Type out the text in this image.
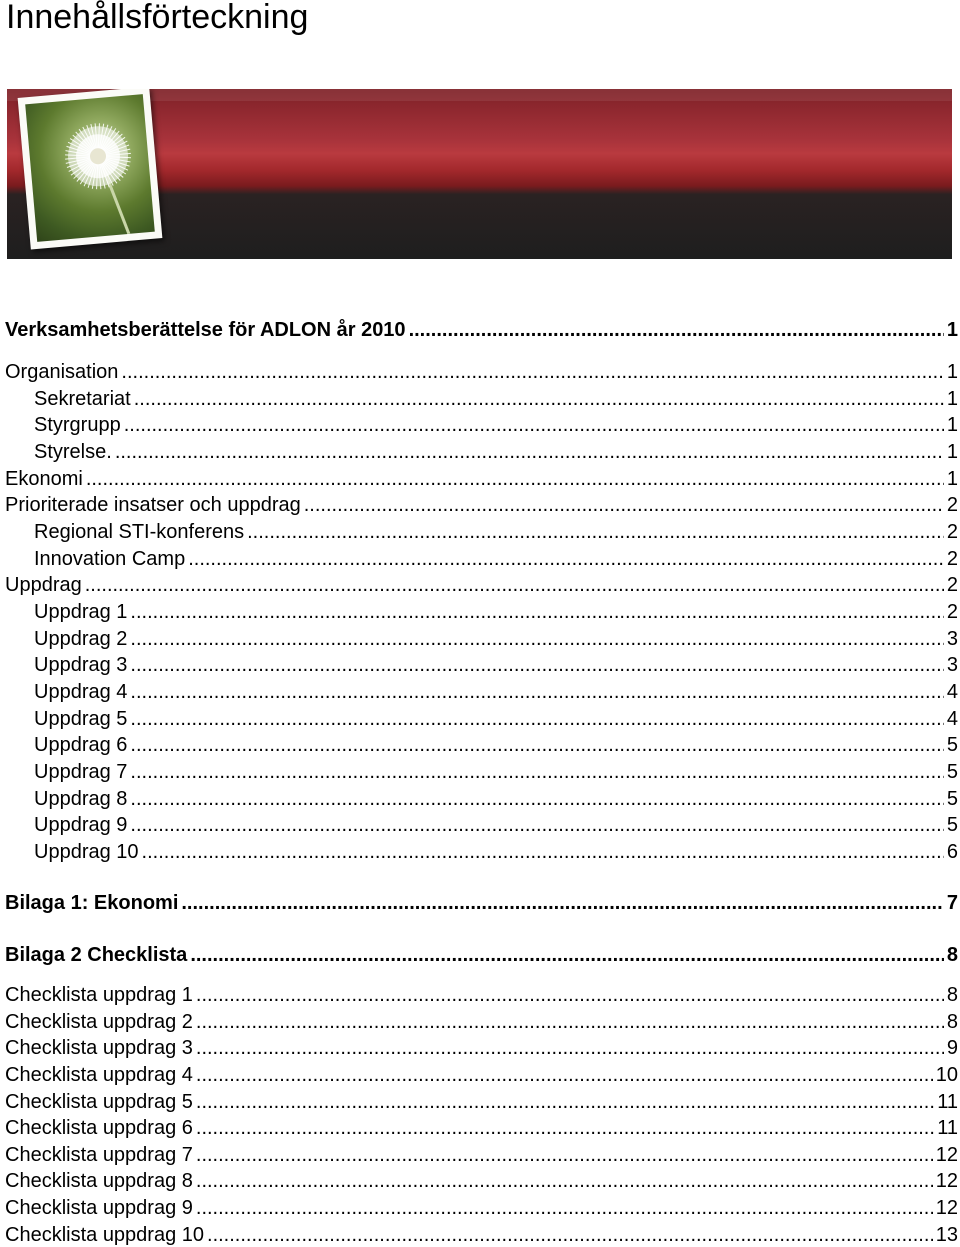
Innehållsförteckning
Verksamhetsberättelse för ADLON år 2010 .....	1
Organisation .....	1
Sekretariat .....	1
Styrgrupp .....	1
Styrelse. .....	1
Ekonomi .....	1
Prioriterade insatser och uppdrag .....	2
Regional STI-konferens .....	2
Innovation Camp .....	2
Uppdrag .....	2
Uppdrag 1 .....	2
Uppdrag 2 .....	3
Uppdrag 3 .....	3
Uppdrag 4 .....	4
Uppdrag 5 .....	4
Uppdrag 6 .....	5
Uppdrag 7 .....	5
Uppdrag 8 .....	5
Uppdrag 9 .....	5
Uppdrag 10 .....	6
Bilaga 1: Ekonomi .....	7
Bilaga 2 Checklista .....	8
Checklista uppdrag 1 .....	8
Checklista uppdrag 2 .....	8
Checklista uppdrag 3 .....	9
Checklista uppdrag 4 .....	10
Checklista uppdrag 5 .....	11
Checklista uppdrag 6 .....	11
Checklista uppdrag 7 .....	12
Checklista uppdrag 8 .....	12
Checklista uppdrag 9 .....	12
Checklista uppdrag 10 .....	13
